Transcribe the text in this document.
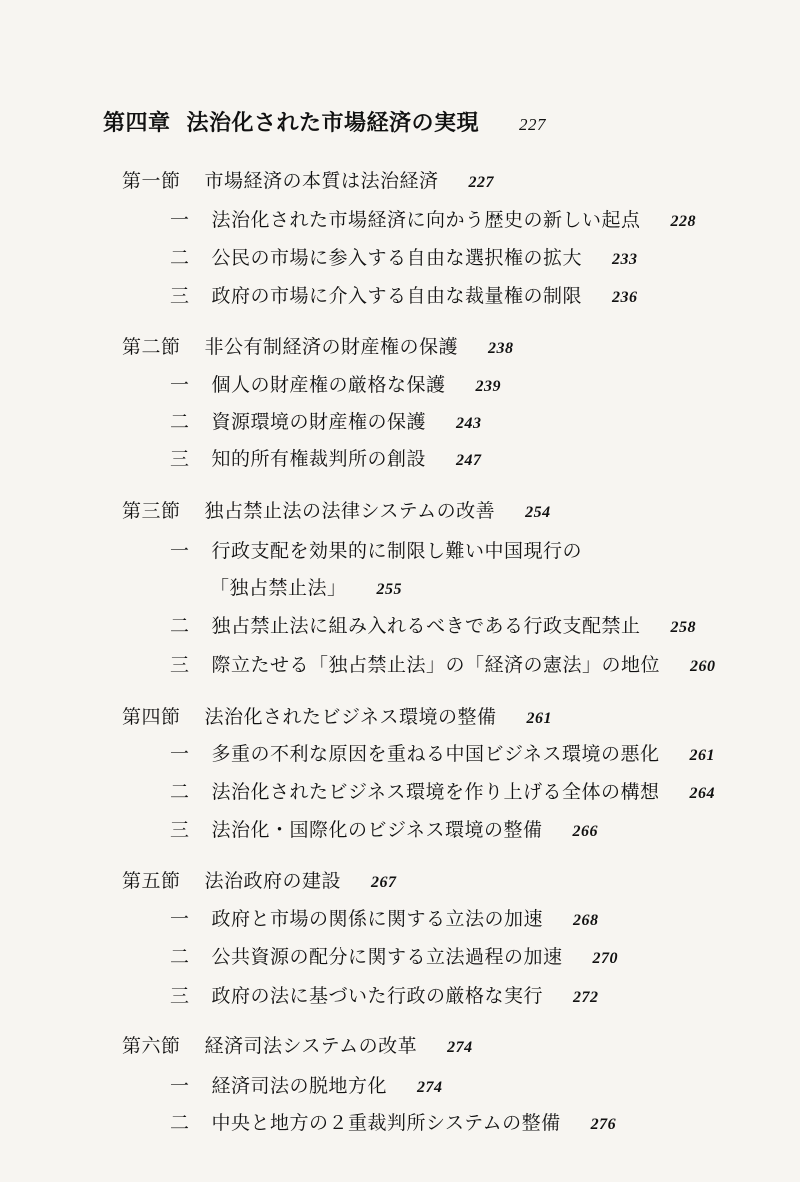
第四章 法治化された市場経済の実現 227
第一節 市場経済の本質は法治経済 227
一 法治化された市場経済に向かう歴史の新しい起点 228
二 公民の市場に参入する自由な選択権の拡大 233
三 政府の市場に介入する自由な裁量権の制限 236
第二節 非公有制経済の財産権の保護 238
一 個人の財産権の厳格な保護 239
二 資源環境の財産権の保護 243
三 知的所有権裁判所の創設 247
第三節 独占禁止法の法律システムの改善 254
一 行政支配を効果的に制限し難い中国現行の
「独占禁止法」 255
二 独占禁止法に組み入れるべきである行政支配禁止 258
三 際立たせる「独占禁止法」の「経済の憲法」の地位 260
第四節 法治化されたビジネス環境の整備 261
一 多重の不利な原因を重ねる中国ビジネス環境の悪化 261
二 法治化されたビジネス環境を作り上げる全体の構想 264
三 法治化・国際化のビジネス環境の整備 266
第五節 法治政府の建設 267
一 政府と市場の関係に関する立法の加速 268
二 公共資源の配分に関する立法過程の加速 270
三 政府の法に基づいた行政の厳格な実行 272
第六節 経済司法システムの改革 274
一 経済司法の脱地方化 274
二 中央と地方の２重裁判所システムの整備 276
